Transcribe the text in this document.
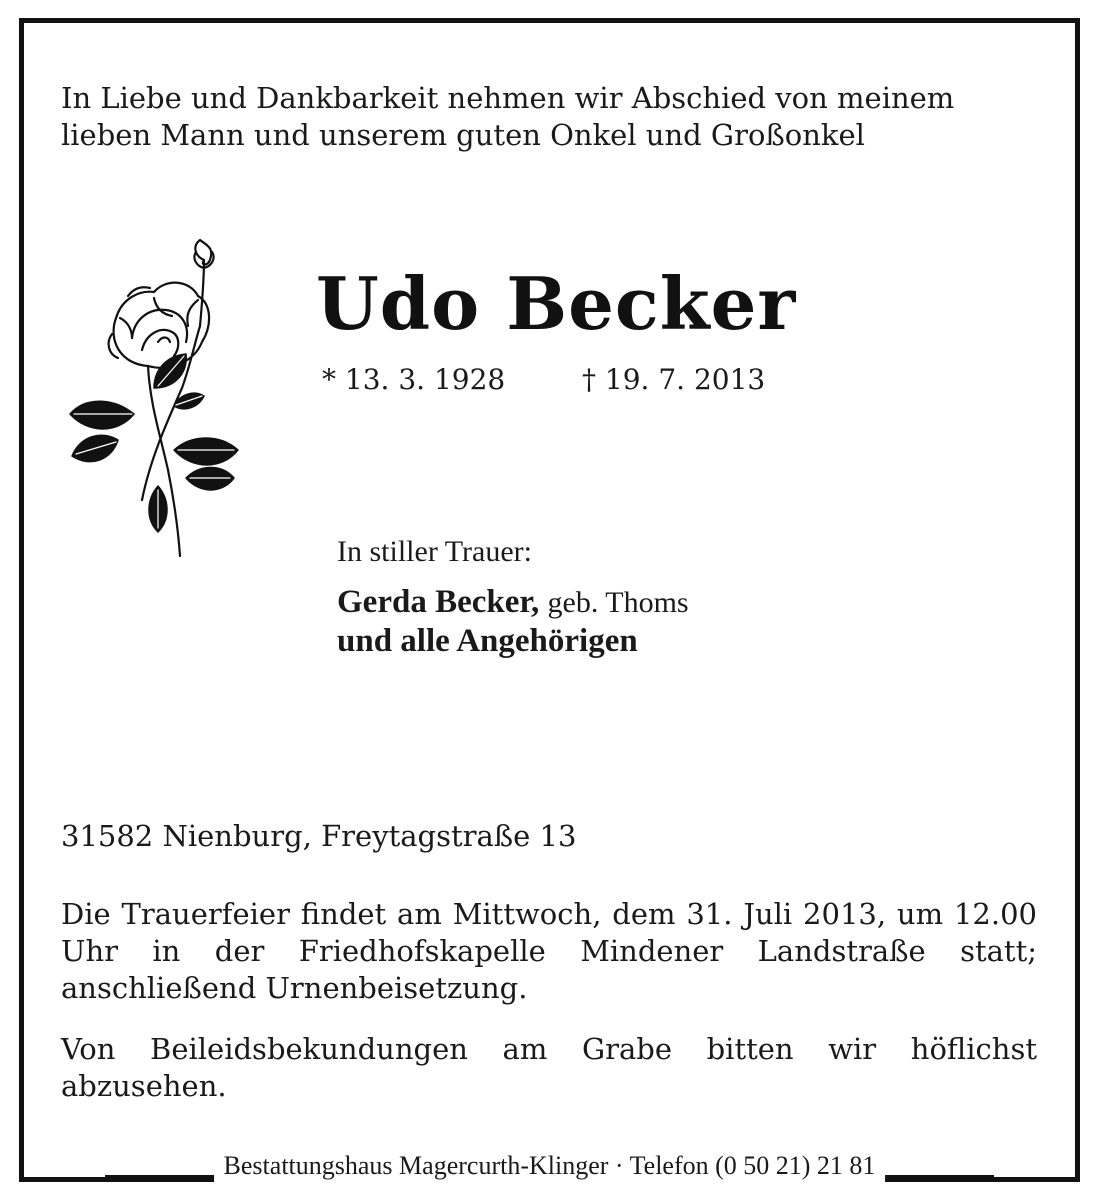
In Liebe und Dankbarkeit nehmen wir Abschied von meinem lieben Mann und unserem guten Onkel und Großonkel

Udo Becker
* 13. 3. 1928	† 19. 7. 2013
In stiller Trauer:
Gerda Becker, geb. Thoms
und alle Angehörigen

31582 Nienburg, Freytagstraße 13

Die Trauerfeier findet am Mittwoch, dem 31. Juli 2013, um 12.00 Uhr in der Friedhofskapelle Mindener Landstraße statt; anschließend Urnenbeisetzung.

Von Beileidsbekundungen am Grabe bitten wir höflichst abzusehen.

Bestattungshaus Magercurth-Klinger · Telefon (0 50 21) 21 81
